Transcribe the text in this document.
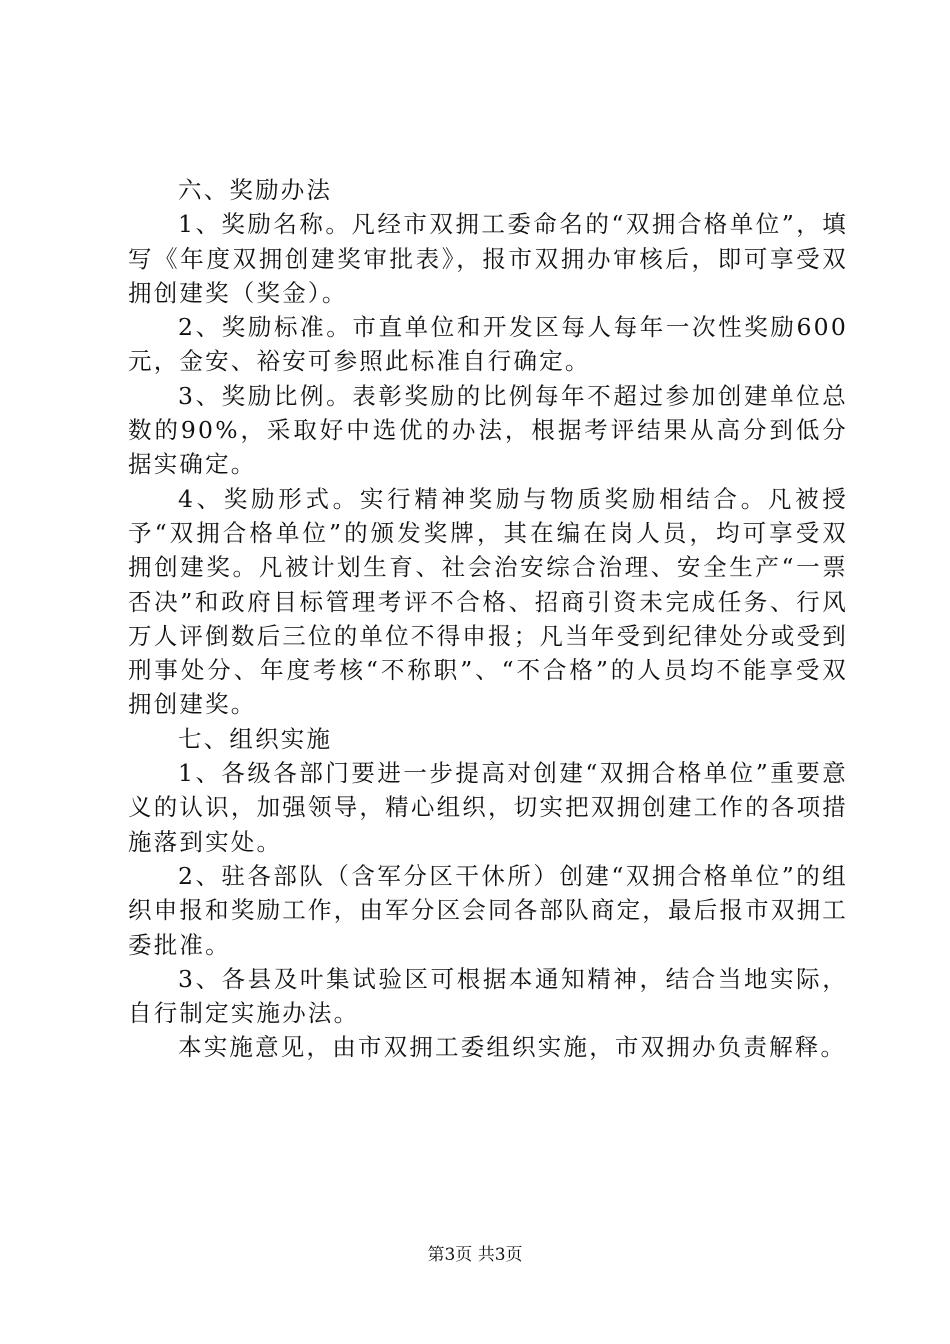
六、奖励办法

1、奖励名称。凡经市双拥工委命名的“双拥合格单位”，填写《年度双拥创建奖审批表》，报市双拥办审核后，即可享受双拥创建奖（奖金）。

2、奖励标准。市直单位和开发区每人每年一次性奖励600元，金安、裕安可参照此标准自行确定。

3、奖励比例。表彰奖励的比例每年不超过参加创建单位总数的90%，采取好中选优的办法，根据考评结果从高分到低分据实确定。

4、奖励形式。实行精神奖励与物质奖励相结合。凡被授予“双拥合格单位”的颁发奖牌，其在编在岗人员，均可享受双拥创建奖。凡被计划生育、社会治安综合治理、安全生产“一票否决”和政府目标管理考评不合格、招商引资未完成任务、行风万人评倒数后三位的单位不得申报；凡当年受到纪律处分或受到刑事处分、年度考核“不称职”、“不合格”的人员均不能享受双拥创建奖。

七、组织实施

1、各级各部门要进一步提高对创建“双拥合格单位”重要意义的认识，加强领导，精心组织，切实把双拥创建工作的各项措施落到实处。

2、驻各部队（含军分区干休所）创建“双拥合格单位”的组织申报和奖励工作，由军分区会同各部队商定，最后报市双拥工委批准。

3、各县及叶集试验区可根据本通知精神，结合当地实际，自行制定实施办法。

本实施意见，由市双拥工委组织实施，市双拥办负责解释。

第3页 共3页
